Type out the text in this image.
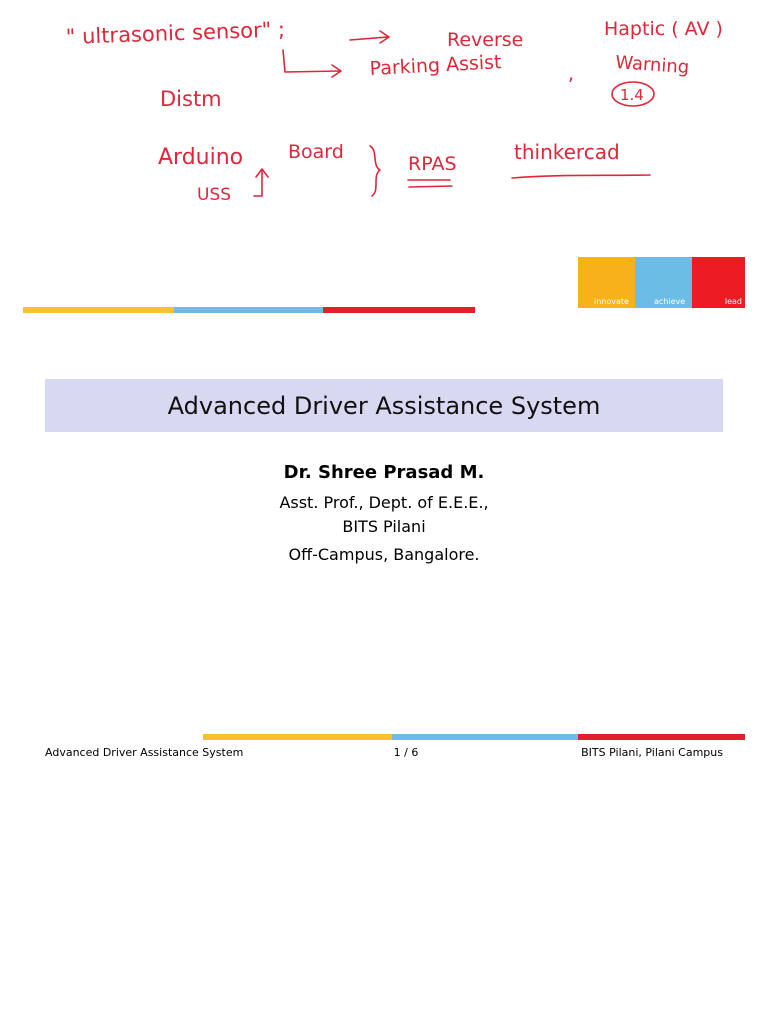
" ultrasonic sensor" ;	Reverse
Parking Assist	,
Haptic ( AV )
Warning
1.4
Distm
Arduino Board
USS
RPAS	thinkercad
innovate	achieve	lead
Advanced Driver Assistance System
Dr. Shree Prasad M.
Asst. Prof., Dept. of E.E.E.,
BITS Pilani
Off-Campus, Bangalore.
Advanced Driver Assistance System	1 / 6	BITS Pilani, Pilani Campus
